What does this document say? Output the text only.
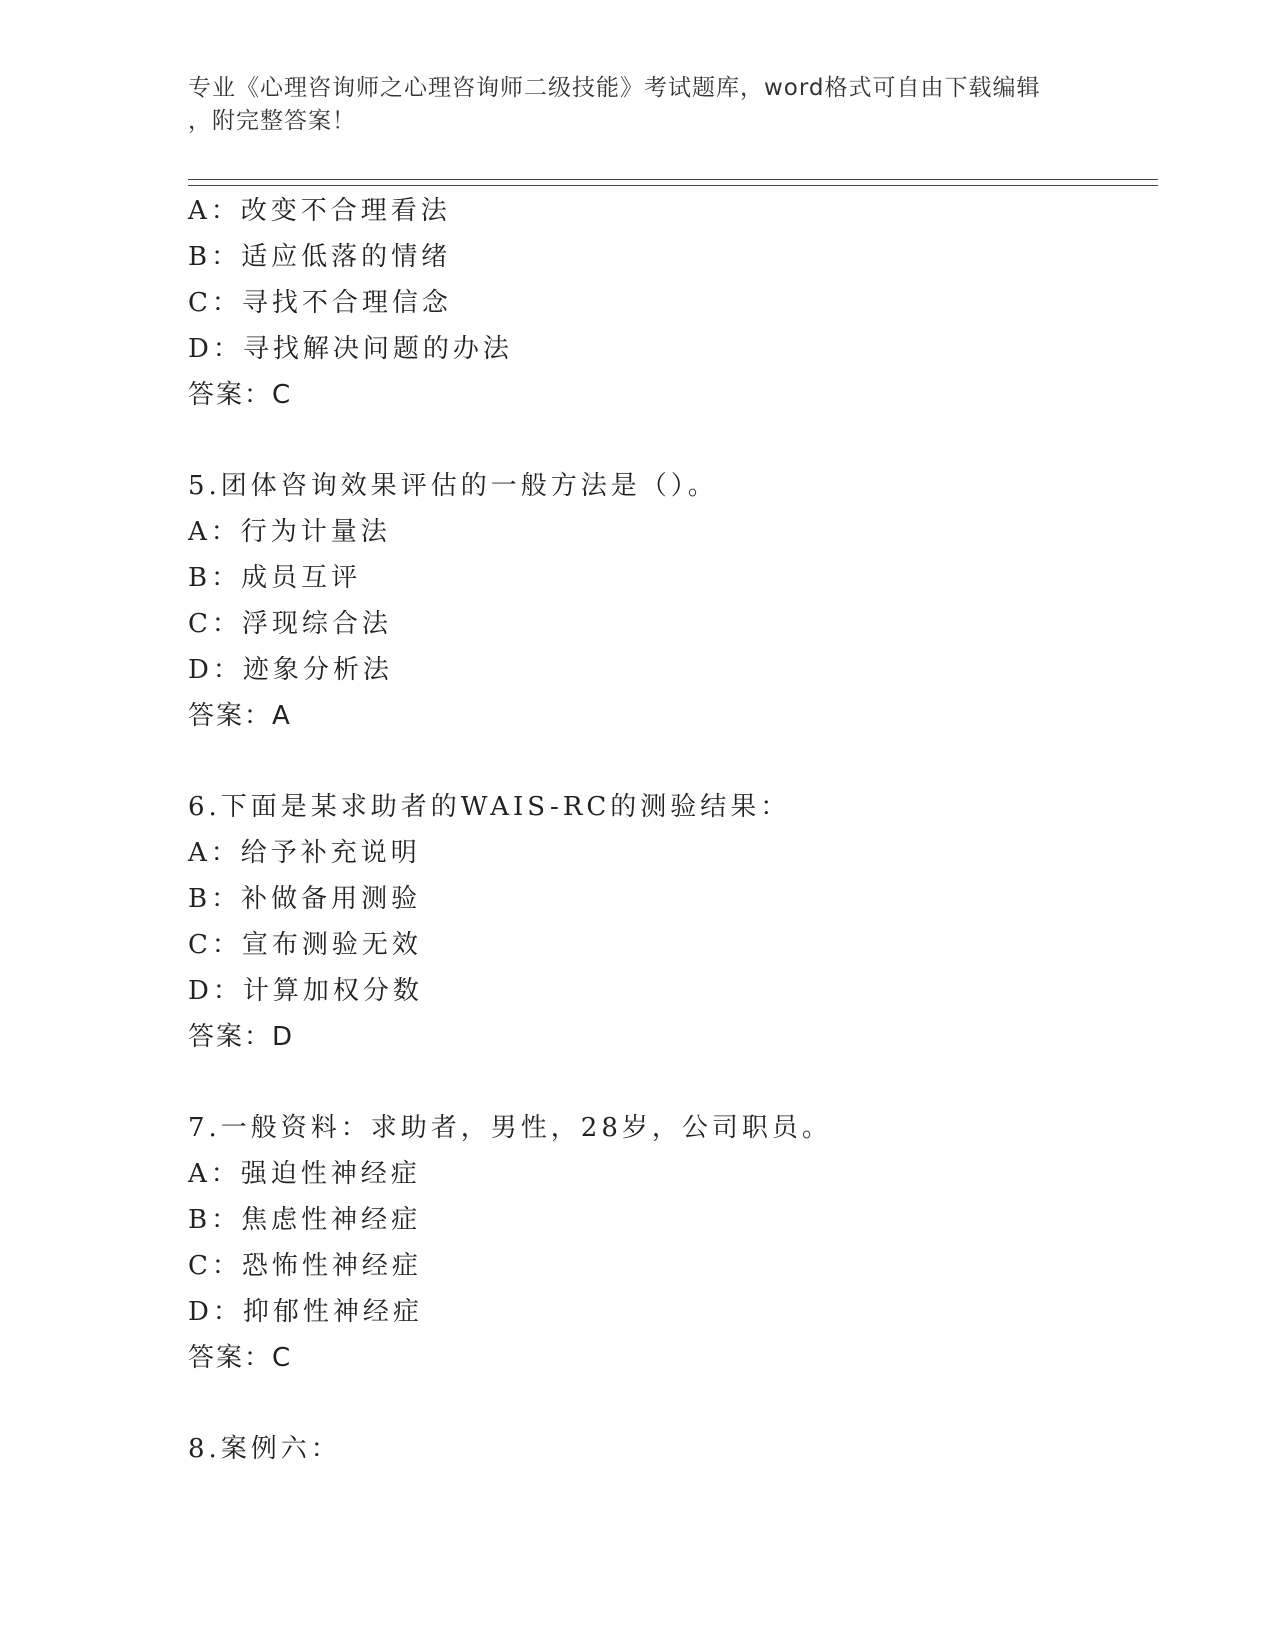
专业《心理咨询师之心理咨询师二级技能》考试题库，word格式可自由下载编辑
，附完整答案！
A：改变不合理看法
B：适应低落的情绪
C：寻找不合理信念
D：寻找解决问题的办法
答案：C
5.团体咨询效果评估的一般方法是（）。
A：行为计量法
B：成员互评
C：浮现综合法
D：迹象分析法
答案：A
6.下面是某求助者的WAIS-RC的测验结果：
A：给予补充说明
B：补做备用测验
C：宣布测验无效
D：计算加权分数
答案：D
7.一般资料：求助者，男性，28岁，公司职员。
A：强迫性神经症
B：焦虑性神经症
C：恐怖性神经症
D：抑郁性神经症
答案：C
8.案例六：
